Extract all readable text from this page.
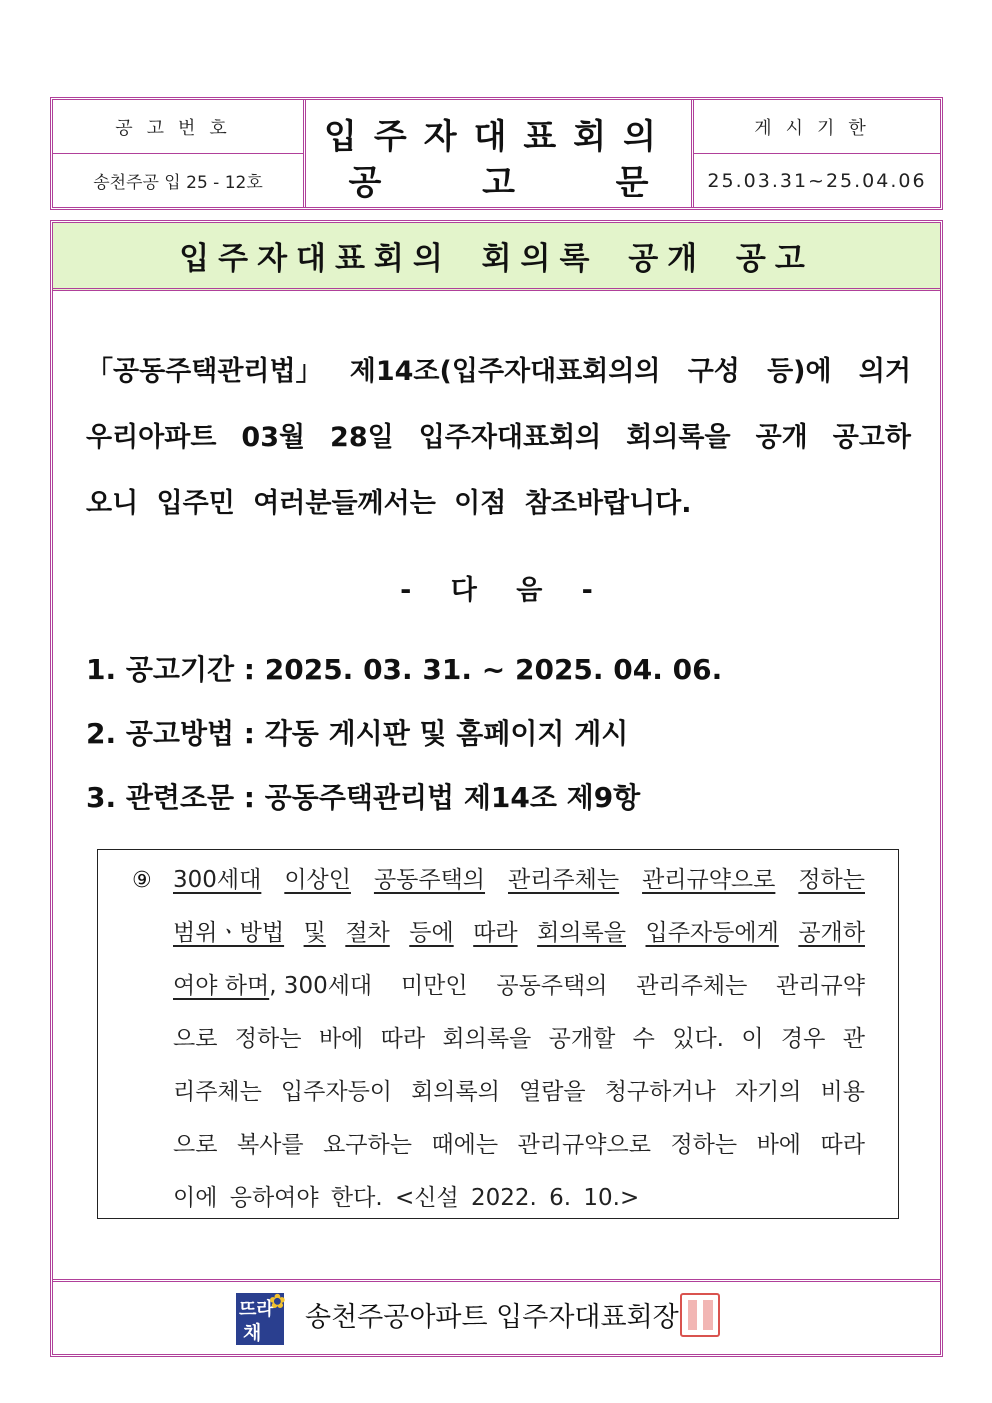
공고번호
송천주공 입 25 - 12호
입주자대표회의
공	고	문
게시기한
25.03.31~25.04.06
입주자대표회의 회의록 공개 공고
「공동주택관리법」 제14조(입주자대표회의의 구성 등)에 의거
우리아파트 03월 28일 입주자대표회의 회의록을 공개 공고하
오니 입주민 여러분들께서는 이점 참조바랍니다.
- 다 음 -
1. 공고기간 : 2025. 03. 31. ~ 2025. 04. 06.
2. 공고방법 : 각동 게시판 및 홈페이지 게시
3. 관련조문 : 공동주택관리법 제14조 제9항
⑨ 300세대 이상인 공동주택의 관리주체는 관리규약으로 정하는
범위ㆍ방법 및 절차 등에 따라 회의록을 입주자등에게 공개하
여야 하며, 300세대 미만인 공동주택의 관리주체는 관리규약
으로 정하는 바에 따라 회의록을 공개할 수 있다. 이 경우 관
리주체는 입주자등이 회의록의 열람을 청구하거나 자기의 비용
으로 복사를 요구하는 때에는 관리규약으로 정하는 바에 따라
이에 응하여야 한다. <신설 2022. 6. 10.>
뜨라
채
✿
송천주공아파트 입주자대표회장
